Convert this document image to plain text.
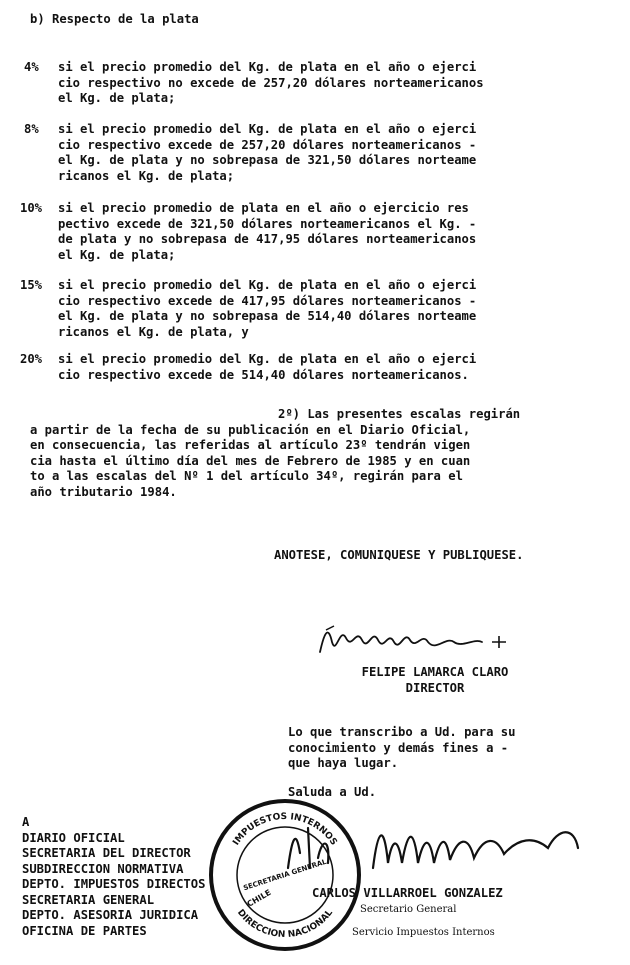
b) Respecto de la plata
4%	si el precio promedio del Kg. de plata en el año o ejerci
cio respectivo no excede de 257,20 dólares norteamericanos
el Kg. de plata;
8%	si el precio promedio del Kg. de plata en el año o ejerci
cio respectivo excede de 257,20 dólares norteamericanos -
el Kg. de plata y no sobrepasa de 321,50 dólares norteame
ricanos el Kg. de plata;
10%	si el precio promedio de plata en el año o ejercicio res
pectivo excede de 321,50 dólares norteamericanos el Kg. -
de plata y no sobrepasa de 417,95 dólares norteamericanos
el Kg. de plata;
15%	si el precio promedio del Kg. de plata en el año o ejerci
cio respectivo excede de 417,95 dólares norteamericanos -
el Kg. de plata y no sobrepasa de 514,40 dólares norteame
ricanos el Kg. de plata, y
20%	si el precio promedio del Kg. de plata en el año o ejerci
cio respectivo excede de 514,40 dólares norteamericanos.
2º) Las presentes escalas regirán
a partir de la fecha de su publicación en el Diario Oficial,
en consecuencia, las referidas al artículo 23º tendrán vigen
cia hasta el último día del mes de Febrero de 1985 y en cuan
to a las escalas del Nº 1 del artículo 34º, regirán para el
año tributario 1984.
ANOTESE, COMUNIQUESE Y PUBLIQUESE.
FELIPE LAMARCA CLARO
DIRECTOR
Lo que transcribo a Ud. para su
conocimiento y demás fines a -
que haya lugar.
Saluda a Ud.
A
DIARIO OFICIAL
SECRETARIA DEL DIRECTOR
SUBDIRECCION NORMATIVA
DEPTO. IMPUESTOS DIRECTOS
SECRETARIA GENERAL
DEPTO. ASESORIA JURIDICA
OFICINA DE PARTES
IMPUESTOS INTERNOS
DIRECCION NACIONAL
SECRETARIA GENERAL
CHILE	CARLOS VILLARROEL GONZALEZ
Secretario General
Servicio Impuestos Internos
